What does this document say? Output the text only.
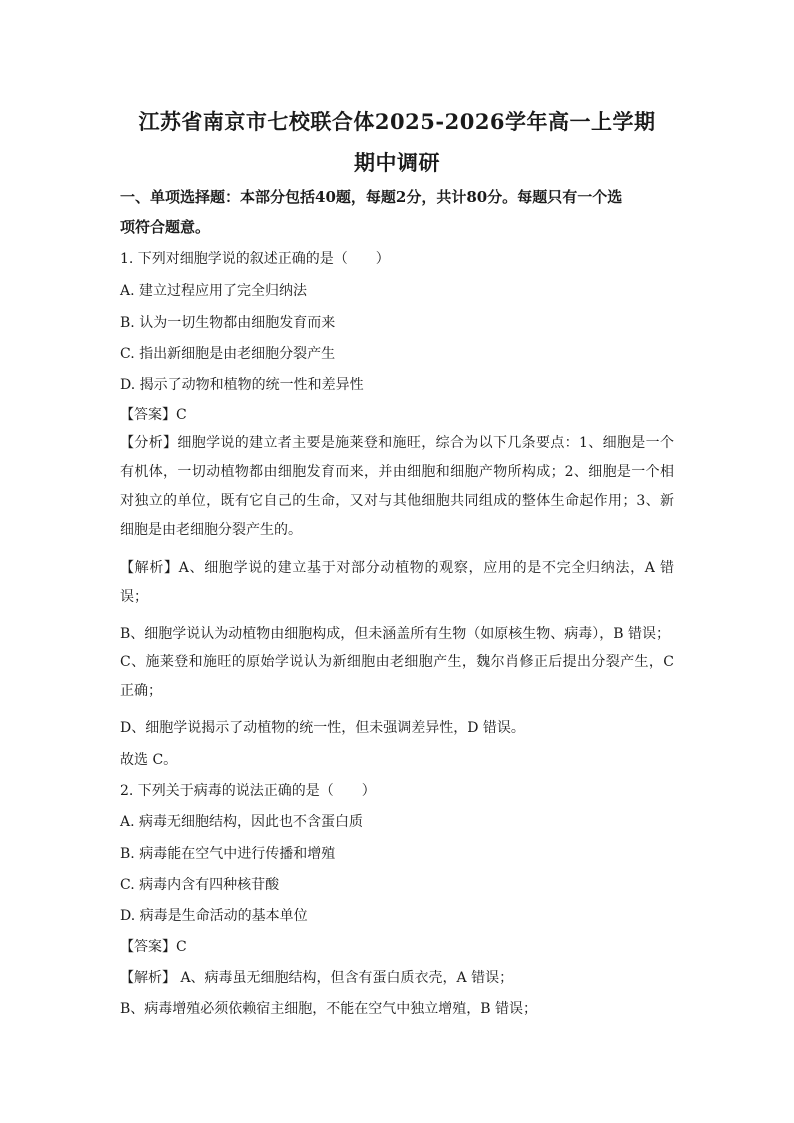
江苏省南京市七校联合体2025-2026学年高一上学期
期中调研
一、单项选择题：本部分包括40题，每题2分，共计80分。每题只有一个选
项符合题意。
1. 下列对细胞学说的叙述正确的是（　　）
A. 建立过程应用了完全归纳法
B. 认为一切生物都由细胞发育而来
C. 指出新细胞是由老细胞分裂产生
D. 揭示了动物和植物的统一性和差异性
【答案】C
【分析】细胞学说的建立者主要是施莱登和施旺，综合为以下几条要点：1、细胞是一个有机体，一切动植物都由细胞发育而来，并由细胞和细胞产物所构成；2、细胞是一个相对独立的单位，既有它自己的生命，又对与其他细胞共同组成的整体生命起作用；3、新细胞是由老细胞分裂产生的。
【解析】A、细胞学说的建立基于对部分动植物的观察，应用的是不完全归纳法，A 错误；
B、细胞学说认为动植物由细胞构成，但未涵盖所有生物（如原核生物、病毒），B 错误；
C、施莱登和施旺的原始学说认为新细胞由老细胞产生，魏尔肖修正后提出分裂产生，C 正确；
D、细胞学说揭示了动植物的统一性，但未强调差异性，D 错误。
故选 C。
2. 下列关于病毒的说法正确的是（　　）
A. 病毒无细胞结构，因此也不含蛋白质
B. 病毒能在空气中进行传播和增殖
C. 病毒内含有四种核苷酸
D. 病毒是生命活动的基本单位
【答案】C
【解析】 A、病毒虽无细胞结构，但含有蛋白质衣壳，A 错误；
B、病毒增殖必须依赖宿主细胞，不能在空气中独立增殖，B 错误；
